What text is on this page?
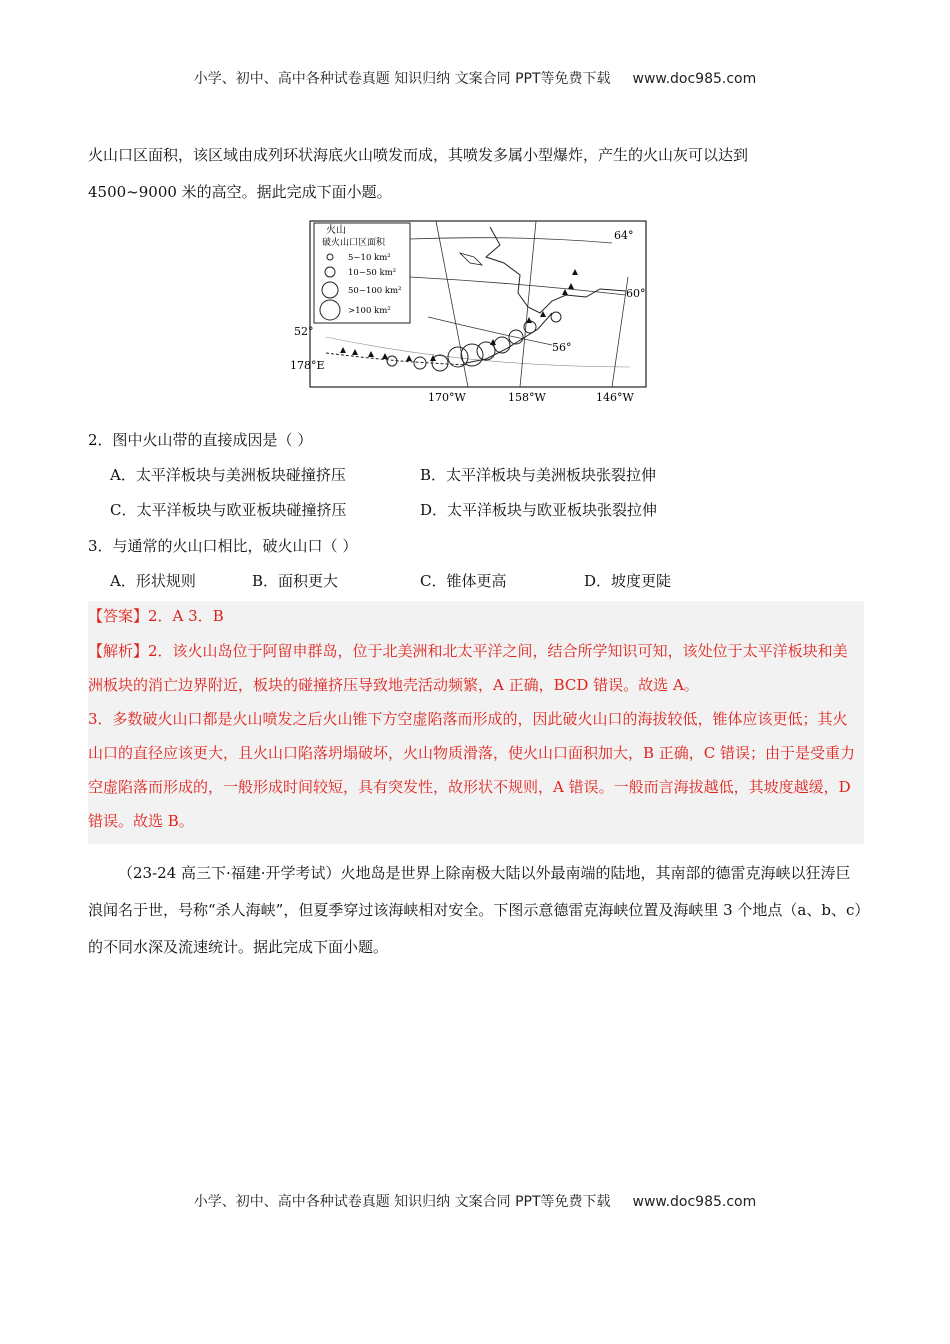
小学、初中、高中各种试卷真题 知识归纳 文案合同 PPT等免费下载 www.doc985.com

火山口区面积，该区域由成列环状海底火山喷发而成，其喷发多属小型爆炸，产生的火山灰可以达到

4500~9000 米的高空。据此完成下面小题。

火山
破火山口区面积
5~10 km²
10~50 km²
50~100 km²
>100 km²
64°
60°
56°
52°
178°E
170°W	158°W	146°W

2．图中火山带的直接成因是（ ）

A．太平洋板块与美洲板块碰撞挤压	B．太平洋板块与美洲板块张裂拉伸
C．太平洋板块与欧亚板块碰撞挤压	D．太平洋板块与欧亚板块张裂拉伸

3．与通常的火山口相比，破火山口（ ）

A．形状规则	B．面积更大	C．锥体更高	D．坡度更陡

【答案】2．A 3．B

【解析】2．该火山岛位于阿留申群岛，位于北美洲和北太平洋之间，结合所学知识可知，该处位于太平洋板块和美洲板块的消亡边界附近，板块的碰撞挤压导致地壳活动频繁，A 正确，BCD 错误。故选 A。

3．多数破火山口都是火山喷发之后火山锥下方空虚陷落而形成的，因此破火山口的海拔较低，锥体应该更低；其火山口的直径应该更大，且火山口陷落坍塌破坏，火山物质滑落，使火山口面积加大，B 正确，C 错误；由于是受重力空虚陷落而形成的，一般形成时间较短，具有突发性，故形状不规则，A 错误。一般而言海拔越低，其坡度越缓，D 错误。故选 B。

（23-24 高三下·福建·开学考试）火地岛是世界上除南极大陆以外最南端的陆地，其南部的德雷克海峡以狂涛巨浪闻名于世，号称“杀人海峡”，但夏季穿过该海峡相对安全。下图示意德雷克海峡位置及海峡里 3 个地点（a、b、c）的不同水深及流速统计。据此完成下面小题。

小学、初中、高中各种试卷真题 知识归纳 文案合同 PPT等免费下载 www.doc985.com
